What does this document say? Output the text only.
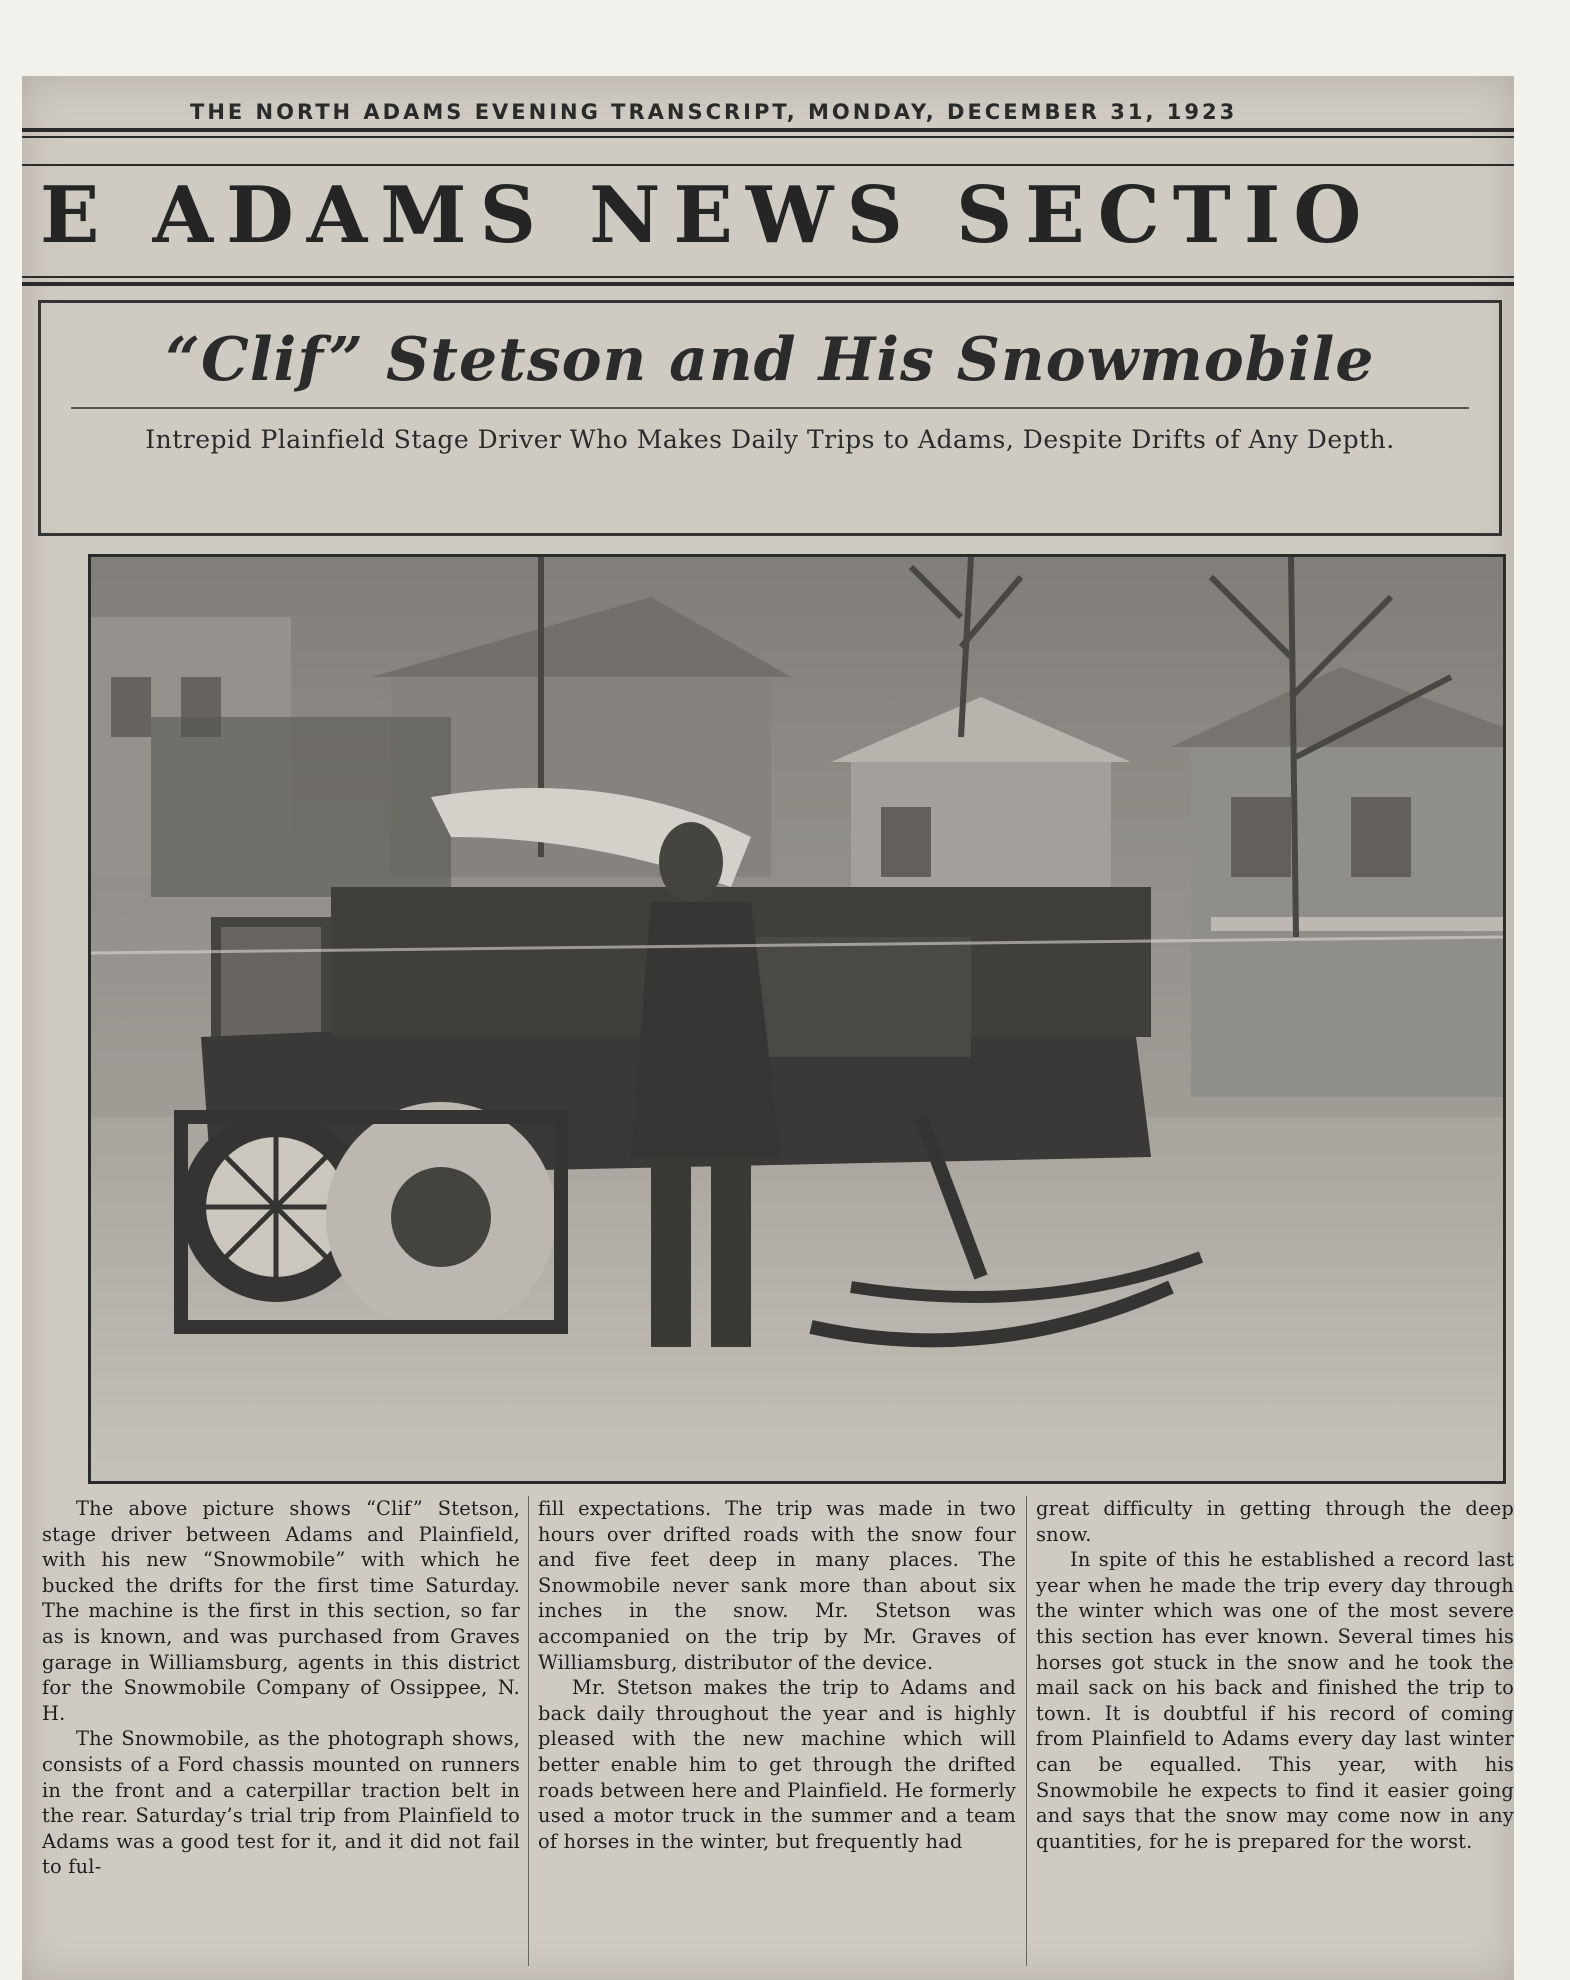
THE NORTH ADAMS EVENING TRANSCRIPT, MONDAY, DECEMBER 31, 1923
E ADAMS NEWS SECTIO
“Clif” Stetson and His Snowmobile
Intrepid Plainfield Stage Driver Who Makes Daily Trips to Adams, Despite Drifts of Any Depth.

The above picture shows “Clif” Stetson, stage driver between Adams and Plainfield, with his new “Snowmobile” with which he bucked the drifts for the first time Saturday. The machine is the first in this section, so far as is known, and was purchased from Graves garage in Williamsburg, agents in this district for the Snowmobile Company of Ossippee, N. H.

The Snowmobile, as the photograph shows, consists of a Ford chassis mounted on runners in the front and a caterpillar traction belt in the rear. Saturday’s trial trip from Plainfield to Adams was a good test for it, and it did not fail to ful-

fill expectations. The trip was made in two hours over drifted roads with the snow four and five feet deep in many places. The Snowmobile never sank more than about six inches in the snow. Mr. Stetson was accompanied on the trip by Mr. Graves of Williamsburg, distributor of the device.

Mr. Stetson makes the trip to Adams and back daily throughout the year and is highly pleased with the new machine which will better enable him to get through the drifted roads between here and Plainfield. He formerly used a motor truck in the summer and a team of horses in the winter, but frequently had

great difficulty in getting through the deep snow.

In spite of this he established a record last year when he made the trip every day through the winter which was one of the most severe this section has ever known. Several times his horses got stuck in the snow and he took the mail sack on his back and finished the trip to town. It is doubtful if his record of coming from Plainfield to Adams every day last winter can be equalled. This year, with his Snowmobile he expects to find it easier going and says that the snow may come now in any quantities, for he is prepared for the worst.
